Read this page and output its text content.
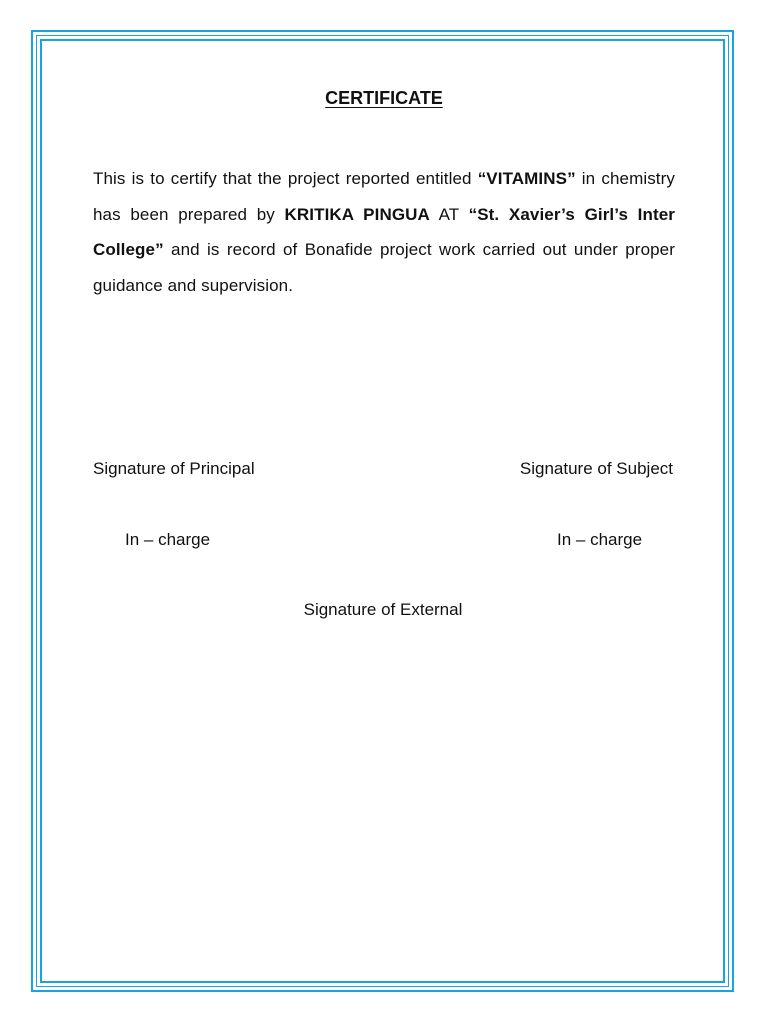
CERTIFICATE
This is to certify that the project reported entitled “VITAMINS” in chemistry has been prepared by KRITIKA PINGUA AT “St. Xavier’s Girl’s Inter College” and is record of Bonafide project work carried out under proper guidance and supervision.
Signature of Principal	Signature of Subject
In – charge	In – charge
Signature of External
